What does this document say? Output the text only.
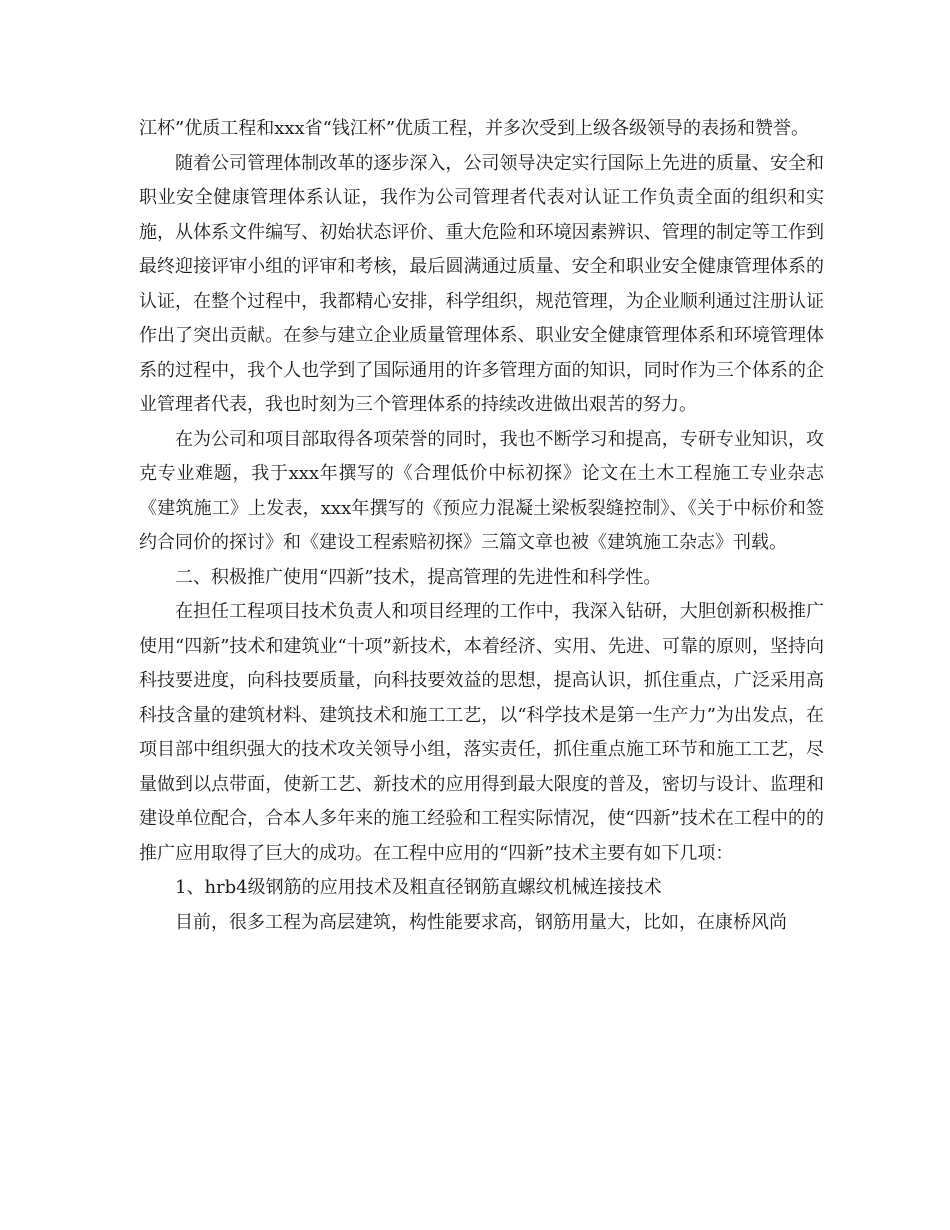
江杯”优质工程和xxx省“钱江杯”优质工程，并多次受到上级各级领导的表扬和赞誉。

随着公司管理体制改革的逐步深入，公司领导决定实行国际上先进的质量、安全和职业安全健康管理体系认证，我作为公司管理者代表对认证工作负责全面的组织和实施，从体系文件编写、初始状态评价、重大危险和环境因素辨识、管理的制定等工作到最终迎接评审小组的评审和考核，最后圆满通过质量、安全和职业安全健康管理体系的认证，在整个过程中，我都精心安排，科学组织，规范管理，为企业顺利通过注册认证作出了突出贡献。在参与建立企业质量管理体系、职业安全健康管理体系和环境管理体系的过程中，我个人也学到了国际通用的许多管理方面的知识，同时作为三个体系的企业管理者代表，我也时刻为三个管理体系的持续改进做出艰苦的努力。

在为公司和项目部取得各项荣誉的同时，我也不断学习和提高，专研专业知识，攻克专业难题，我于xxx年撰写的《合理低价中标初探》论文在土木工程施工专业杂志《建筑施工》上发表，xxx年撰写的《预应力混凝土梁板裂缝控制》、《关于中标价和签约合同价的探讨》和《建设工程索赔初探》三篇文章也被《建筑施工杂志》刊载。

二、积极推广使用“四新”技术，提高管理的先进性和科学性。

在担任工程项目技术负责人和项目经理的工作中，我深入钻研，大胆创新积极推广使用“四新”技术和建筑业“十项”新技术，本着经济、实用、先进、可靠的原则，坚持向科技要进度，向科技要质量，向科技要效益的思想，提高认识，抓住重点，广泛采用高科技含量的建筑材料、建筑技术和施工工艺，以“科学技术是第一生产力”为出发点，在项目部中组织强大的技术攻关领导小组，落实责任，抓住重点施工环节和施工工艺，尽量做到以点带面，使新工艺、新技术的应用得到最大限度的普及，密切与设计、监理和建设单位配合，合本人多年来的施工经验和工程实际情况，使“四新”技术在工程中的的推广应用取得了巨大的成功。在工程中应用的“四新”技术主要有如下几项：

1、hrb4级钢筋的应用技术及粗直径钢筋直螺纹机械连接技术

目前，很多工程为高层建筑，构性能要求高，钢筋用量大，比如，在康桥风尚
